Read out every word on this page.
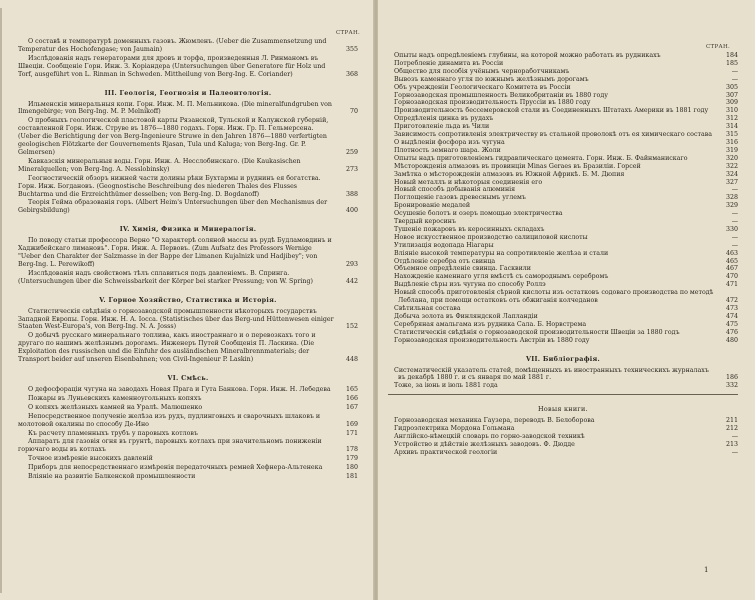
СТРАН.
О составѣ и температурѣ доменныхъ газовъ. Жюмленъ. (Ueber die Zusammensetzung und Temperatur des Hochofengase; von Jaumain)	355
Изслѣдованія надъ генераторами для дровъ и торфа, произведенныя Л. Ринманомъ въ Швеціи. Сообщеніе Горн. Инж. З. Коріандера (Untersuchungen über Generatore für Holz und Torf, ausgeführt von L. Rinman in Schweden. Mittheilung von Berg-Ing. E. Coriander)	368
III. Геологія, Геогнозія и Палеонтологія.
Ильменскія минеральныя копи. Горн. Инж. М. П. Мельникова. (Die mineralfundgruben von Ilmengebirge; von Berg-Ing. M. P. Melnikoff)	70
О пробныхъ геологической пластовой карты Рязанской, Тульской и Калужской губерній, составленной Горн. Инж. Струве въ 1876—1880 годахъ. Горн. Инж. Гр. П. Гельмерсена. (Ueber die Berichtigung der von Berg-Ingenieure Struwe in den Jahren 1876—1880 verfertigten geologischen Flötzkarte der Gouvernements Rjasan, Tula und Kaluga; von Berg-Ing. Gr. P. Gelmersen)	259
Кавказскія минеральныя воды. Горн. Инж. А. Несслобинскаго. (Die Kaukasischen Mineralquellen; von Berg-Ing. A. Nesslobinsky)	273
Геогностическій обзоръ нижней части долины рѣки Бухтармы и руднинъ ея богатства. Горн. Инж. Богдановъ. (Geognostische Beschreibung des niederen Thales des Flusses Buchtarma und die Erzreichthümer desselben; von Berg-Ing. D. Bogdanoff)	388
Теорія Гейма образованія горъ. (Albert Heim's Untersuchungen über den Mechanismus der Gebirgsbildung)	400
IV. Химія, Физика и Минералогія.
По поводу статьи профессора Верно "О характерѣ соляной массы въ рудѣ Будламовдинъ и Хаджибейскаго лимановъ". Горн. Инж. А. Первовъ. (Zum Aufsatz des Professors Wernige "Ueber den Charakter der Salzmasse in der Bappe der Limanen Kujalnizk und Hadjibey"; von Berg-Ing. L. Perewikoff)	293
Изслѣдованія надъ свойствомъ тѣлъ сплавиться подъ давленіемъ. В. Спринга. (Untersuchungen über die Schweissbarkeit der Körper bei starker Pressung; von W. Spring)	442
V. Горное Хозяйство, Статистика и Исторія.
Статистическія свѣдѣнія о горнозаводской промышленности нѣкоторыхъ государствъ Западной Европы. Горн. Инж. Н. А. Іосса. (Statistisches über das Berg-und Hüttenwesen einiger Staaten West-Europa's, von Berg-Ing. N. A. Josss)	152
О добычѣ русскаго минеральнаго топлива, какъ иностраннаго и о перевозкахъ того и другаго по нашимъ желѣзнымъ дорогамъ. Инженеръ Путей Сообщенія П. Ласкина. (Die Exploitation des russischen und die Einfuhr des ausländischen Mineralbrennmaterials; der Transport beider auf unseren Eisenbahnen; von Civil-Ingenieur P. Laskin)	448
VI. Смѣсь.
О дефосфораціи чугуна на заводахъ Новая Прага и Гута Банкова. Горн. Инж. Н. Лебедева 165
Пожары въ Луньевскихъ каменноугольныхъ копяхъ	166
О копяхъ желѣзныхъ камней на Уралѣ. Малюшенко	167
Непосредственное полученіе желѣза изъ рудъ, пудлинговыхъ и сварочныхъ шлаковъ и молотовой окалины по способу Де-Ино	169
Къ расчету пламенныхъ трубъ у паровыхъ котловъ	171
Аппаратъ для газовія огня въ грунтѣ, паровыхъ котлахъ при значительномъ пониженіи горючаго воды въ котлахъ	178
Точное измѣреніе высокихъ давленій	179
Приборъ для непосредственнаго измѣренія передаточныхъ ремней Хефнера-Альтенека	180
Вліяніе на развитіе Балкенской промышленности	181
СТРАН.
Опыты надъ опредѣленіемъ глубины, на которой можно работать въ рудникахъ	184
Потребленіе динамита въ Россіи	185
Общество для пособія учёнымъ черноработчникамъ	—
Вывозъ каменнаго угля по южнымъ желѣзнымъ дорогамъ	—
Объ учрежденіи Геологическаго Комитета въ Россіи	305
Горнозаводская промышленность Великобританіи въ 1880 году	307
Горнозаводская производительность Пруссіи въ 1880 году	309
Производительность бессемеровской стали въ Соединенныхъ Штатахъ Америки въ 1881 году	310
Опредѣленія цинка въ рудахъ	312
Приготовленіе льда въ Чили	314
Зависимость сопротивленія электричеству въ стальной проволокѣ отъ ея химическаго состава 315
О выдѣленіи фосфора изъ чугуна	316
Плотность земнаго шара. Жоли	319
Опыты надъ приготовленіемъ гидравлическаго цемента. Горн. Инж. Б. Файнманискаго	320
Мѣсторожденія алмазовъ въ провинціи Minas Geraes въ Бразиліи. Горсей	322
Замѣтка о мѣсторожденіи алмазовъ въ Южной Африкѣ. Б. М. Дюпия	324
Новый металлъ и нѣкоторыя соединенія его	327
Новый способъ добыванія алюминія	—
Поглощеніе газовъ древеснымъ углемъ	328
Бронированіе медалей	329
Осушеніе болотъ и озеръ помощью электричества	—
Твердый керосинъ	—
Тушеніе пожаровъ въ керосинныхъ складахъ	330
Новое искусственное производство салициловой кислоты	—
Утилизація водопада Ніагары	—
Вліяніе высокой температуры на сопротивленіе желѣза и стали	463
Отдѣленіе серебра отъ свинца	465
Объемное опредѣленіе свинца. Гасквили	467
Нахожденіе каменнаго угля вмѣстѣ съ самороднымъ серебромъ	470
Выдѣленіе сѣры изъ чугуна по способу Роллэ	471
Новый способъ приготовленія сѣрной кислоты изъ остатковъ содоваго производства по методѣ Леблана, при помощи остатковъ отъ обжиганія колчеданов	472
Свѣтильная состава	473
Добыча золота въ Финляндской Лапландіи	474
Серебряная амальгама изъ рудника Сала. Б. Норвстрема	475
Статистическія свѣдѣнія о горнозаводской производительности Швеціи за 1880 годъ	476
Горнозаводская производительность Австріи въ 1880 году	480
VII. Библіографія.
Систематическій указатель статей, помѣщенныхъ въ иностранныхъ техническихъ журналахъ въ декабрѣ 1880 г. и съ января по май 1881 г.	186
Тоже, за іюнь и іюль 1881 года	332
Новыя книги.
Горнозаводская механика Гаузера, переводъ В. Белоборова	211
Гидроэлектрика Мордона Гольмана	212
Англійско-нѣмецкій словарь по горно-заводской техникѣ	—
Устройство и дѣйствіе желѣзныхъ заводовъ. Ф. Дюдде	213
Архивъ практической геологіи	—
1
